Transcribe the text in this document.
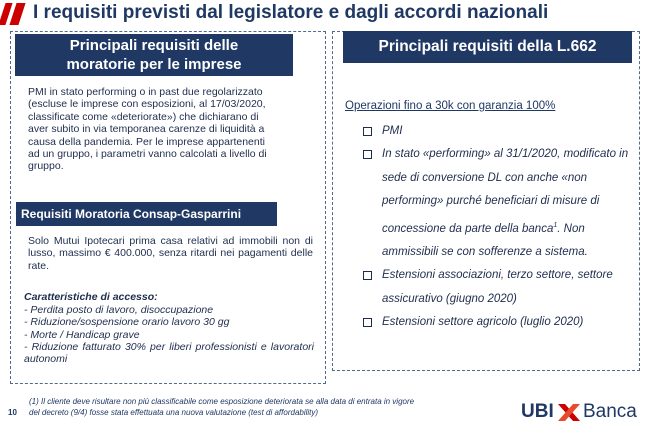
I requisiti previsti dal legislatore e dagli accordi nazionali
Principali requisiti delle
moratorie per le imprese
PMI in stato performing o in past due regolarizzato
(escluse le imprese con esposizioni, al 17/03/2020,
classificate come «deteriorate») che dichiarano di
aver subito in via temporanea carenze di liquidità a
causa della pandemia. Per le imprese appartenenti
ad un gruppo, i parametri vanno calcolati a livello di
gruppo.
Requisiti Moratoria Consap-Gasparrini
Solo Mutui Ipotecari prima casa relativi ad immobili non di lusso, massimo € 400.000, senza ritardi nei pagamenti delle rate.
Caratteristiche di accesso:
- Perdita posto di lavoro, disoccupazione
- Riduzione/sospensione orario lavoro 30 gg
- Morte / Handicap grave
- Riduzione fatturato 30% per liberi professionisti e lavoratori autonomi
Principali requisiti della L.662
Operazioni fino a 30k con garanzia 100%
PMI
In stato «performing» al 31/1/2020, modificato in sede di conversione DL con anche «non performing» purché beneficiari di misure di concessione da parte della banca$^1$. Non ammissibili se con sofferenze a sistema.
Estensioni associazioni, terzo settore, settore assicurativo (giugno 2020)
Estensioni settore agricolo (luglio 2020)
10
(1) Il cliente deve risultare non più classificabile come esposizione deteriorata se alla data di entrata in vigore
del decreto (9/4) fosse stata effettuata una nuova valutazione (test di affordability)	UBI Banca
